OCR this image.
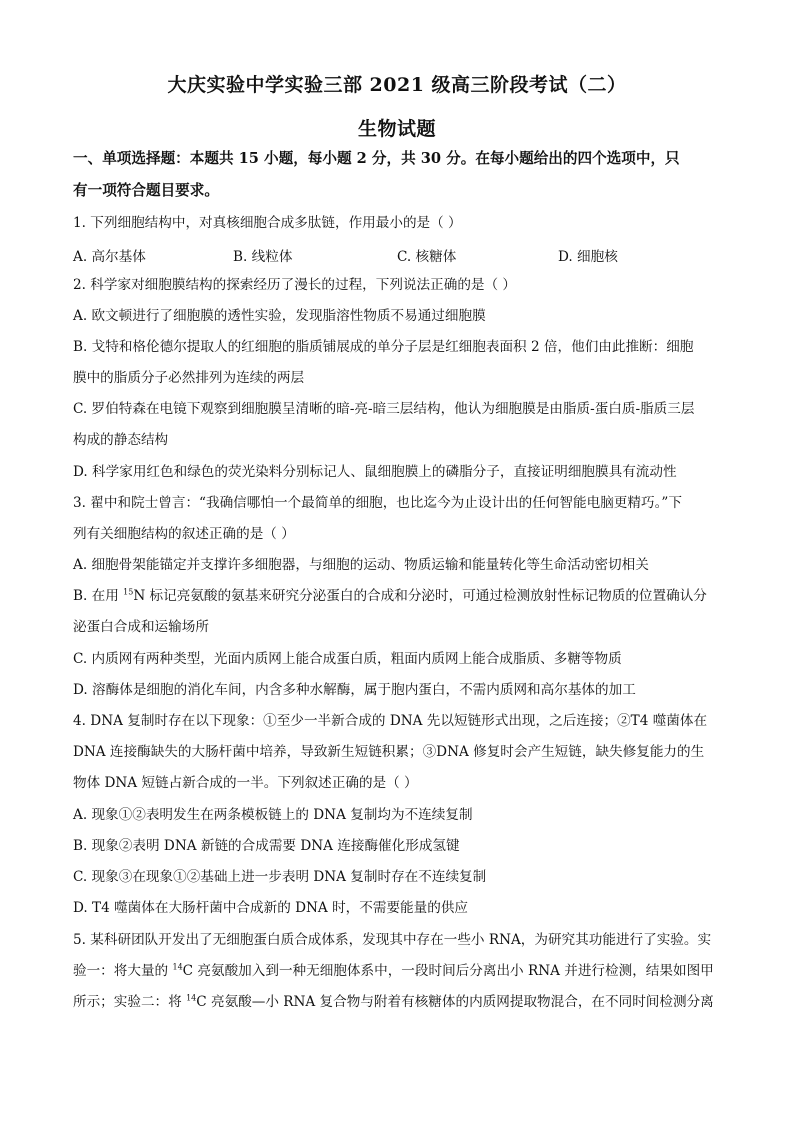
大庆实验中学实验三部 2021 级高三阶段考试（二）
生物试题
一、单项选择题：本题共 15 小题，每小题 2 分，共 30 分。在每小题给出的四个选项中，只
有一项符合题目要求。
1. 下列细胞结构中，对真核细胞合成多肽链，作用最小的是（ ）
A. 高尔基体	B. 线粒体	C. 核糖体	D. 细胞核
2. 科学家对细胞膜结构的探索经历了漫长的过程，下列说法正确的是（ ）
A. 欧文顿进行了细胞膜的透性实验，发现脂溶性物质不易通过细胞膜
B. 戈特和格伦德尔提取人的红细胞的脂质铺展成的单分子层是红细胞表面积 2 倍，他们由此推断：细胞
膜中的脂质分子必然排列为连续的两层
C. 罗伯特森在电镜下观察到细胞膜呈清晰的暗-亮-暗三层结构，他认为细胞膜是由脂质-蛋白质-脂质三层
构成的静态结构
D. 科学家用红色和绿色的荧光染料分别标记人、鼠细胞膜上的磷脂分子，直接证明细胞膜具有流动性
3. 翟中和院士曾言：“我确信哪怕一个最简单的细胞，也比迄今为止设计出的任何智能电脑更精巧。”下
列有关细胞结构的叙述正确的是（ ）
A. 细胞骨架能锚定并支撑许多细胞器，与细胞的运动、物质运输和能量转化等生命活动密切相关
B. 在用 $^{15}$N 标记亮氨酸的氨基来研究分泌蛋白的合成和分泌时，可通过检测放射性标记物质的位置确认分
泌蛋白合成和运输场所
C. 内质网有两种类型，光面内质网上能合成蛋白质，粗面内质网上能合成脂质、多糖等物质
D. 溶酶体是细胞的消化车间，内含多种水解酶，属于胞内蛋白，不需内质网和高尔基体的加工
4. DNA 复制时存在以下现象：①至少一半新合成的 DNA 先以短链形式出现，之后连接；②T4 噬菌体在
DNA 连接酶缺失的大肠杆菌中培养，导致新生短链积累；③DNA 修复时会产生短链，缺失修复能力的生
物体 DNA 短链占新合成的一半。下列叙述正确的是（ ）
A. 现象①②表明发生在两条模板链上的 DNA 复制均为不连续复制
B. 现象②表明 DNA 新链的合成需要 DNA 连接酶催化形成氢键
C. 现象③在现象①②基础上进一步表明 DNA 复制时存在不连续复制
D. T4 噬菌体在大肠杆菌中合成新的 DNA 时，不需要能量的供应
5. 某科研团队开发出了无细胞蛋白质合成体系，发现其中存在一些小 RNA，为研究其功能进行了实验。实
验一：将大量的 $^{14}$C 亮氨酸加入到一种无细胞体系中，一段时间后分离出小 RNA 并进行检测，结果如图甲
所示；实验二：将 $^{14}$C 亮氨酸—小 RNA 复合物与附着有核糖体的内质网提取物混合，在不同时间检测分离
